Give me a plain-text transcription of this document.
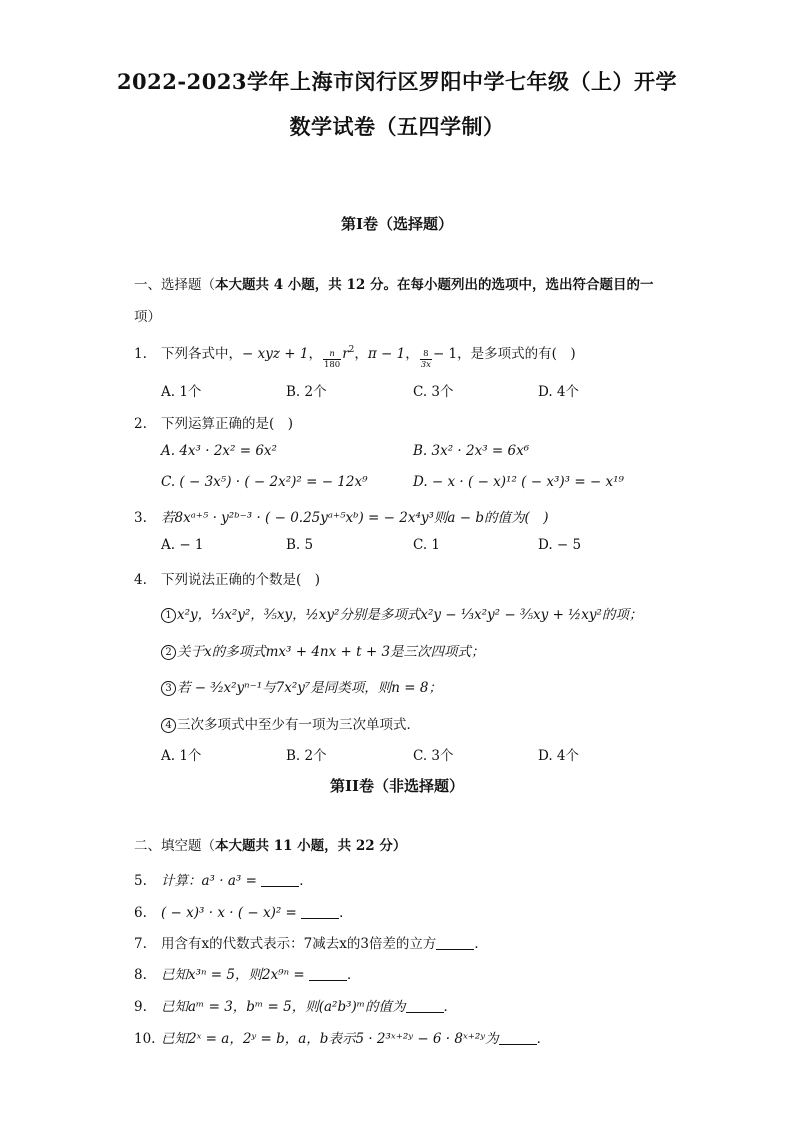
2022-2023学年上海市闵行区罗阳中学七年级（上）开学
数学试卷（五四学制）
第I卷（选择题）
一、选择题（本大题共 4 小题，共 12 分。在每小题列出的选项中，选出符合题目的一
项）
1. 下列各式中，− xyz + 1， $\frac{n}{180} r^2$，π − 1， $\frac{8}{3x} - 1$，是多项式的有(　)
A. 1个	B. 2个	C. 3个	D. 4个
2. 下列运算正确的是(　)
A. 4x³ · 2x² = 6x²	B. 3x² · 2x³ = 6x⁶
C. ( − 3x⁵) · ( − 2x²)² = − 12x⁹	D. − x · ( − x)¹² ( − x³)³ = − x¹⁹
3. 若8xᵃ⁺⁵ · y²ᵇ⁻³ · ( − 0.25yᵃ⁺⁵xᵇ) = − 2x⁴y³则a − b的值为(　)
A. − 1	B. 5	C. 1	D. − 5
4. 下列说法正确的个数是(　)
1 x²y，⅓x²y²，⅗xy，½xy²分别是多项式x²y − ⅓x²y² − ⅗xy + ½xy²的项；
2 关于x的多项式mx³ + 4nx + t + 3是三次四项式；
3 若 − ³⁄₂x²yⁿ⁻¹与7x²y⁷是同类项，则n = 8；
4 三次多项式中至少有一项为三次单项式．
A. 1个	B. 2个	C. 3个	D. 4个
第II卷（非选择题）
二、填空题（本大题共 11 小题，共 22 分）
5. 计算：a³ · a³ =	．
6. ( − x)³ · x · ( − x)² =	．
7. 用含有x的代数式表示：7减去x的3倍差的立方	．
8. 已知x³ⁿ = 5，则2x⁹ⁿ =	．
9. 已知aᵐ = 3，bᵐ = 5，则(a²b³)ᵐ的值为	．
10. 已知2ˣ = a，2ʸ = b，a，b表示5 · 2³ˣ⁺²ʸ − 6 · 8ˣ⁺²ʸ为	．
